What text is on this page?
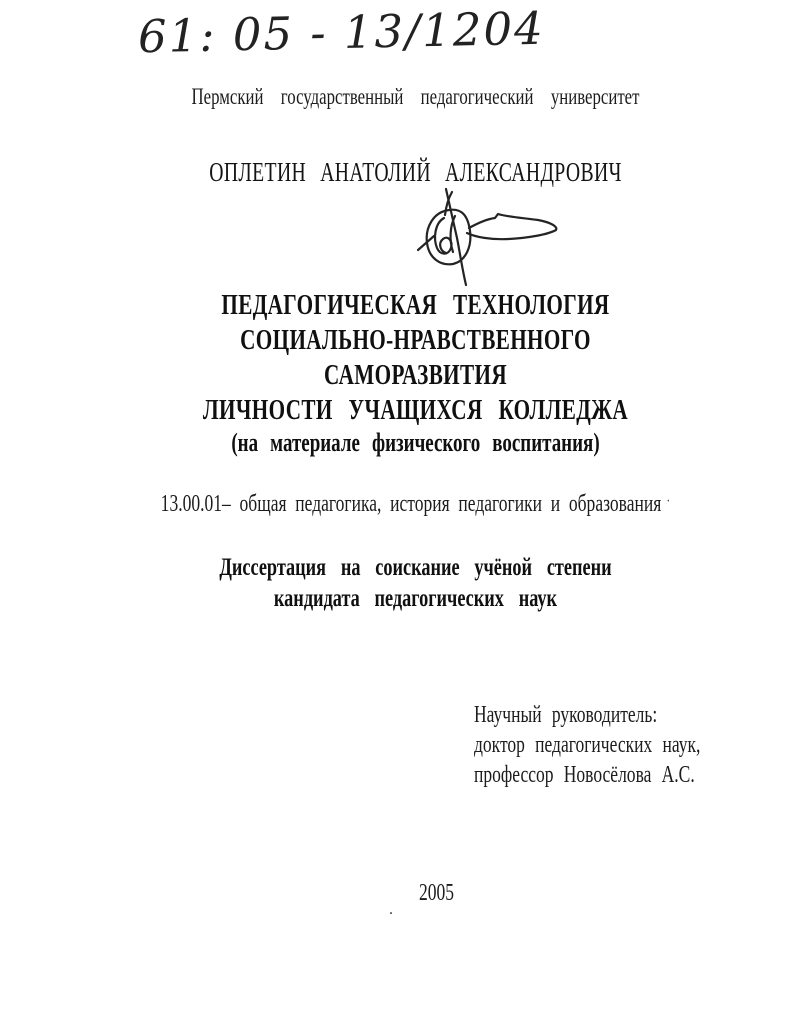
61: 05 - 13/1204
Пермский государственный педагогический университет
ОПЛЕТИН АНАТОЛИЙ АЛЕКСАНДРОВИЧ
ПЕДАГОГИЧЕСКАЯ ТЕХНОЛОГИЯ
СОЦИАЛЬНО-НРАВСТВЕННОГО САМОРАЗВИТИЯ
ЛИЧНОСТИ УЧАЩИХСЯ КОЛЛЕДЖА
(на материале физического воспитания)
13.00.01– общая педагогика, история педагогики и образования ·
Диссертация на соискание учёной степени
кандидата педагогических наук
Научный руководитель:
доктор педагогических наук,
профессор Новосёлова А.С.
.
2005
